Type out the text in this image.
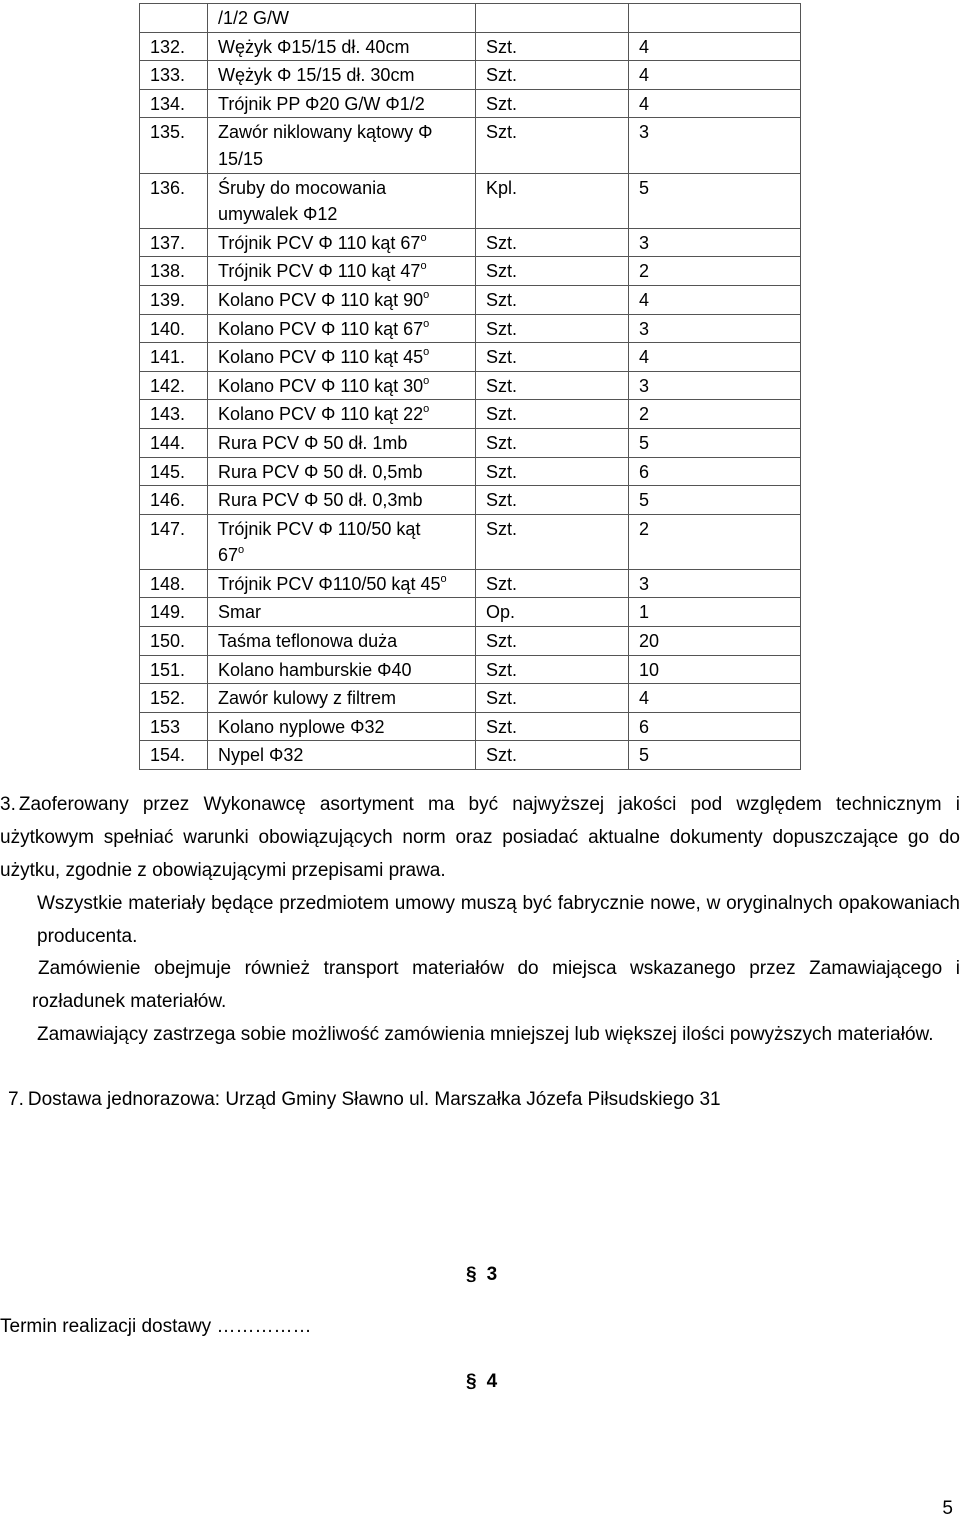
	/1/2 G/W		
132.	Wężyk Φ15/15 dł. 40cm	Szt.	4
133.	Wężyk Φ 15/15 dł. 30cm	Szt.	4
134.	Trójnik PP Φ20 G/W Φ1/2	Szt.	4
135.	Zawór niklowany kątowy Φ
15/15	Szt.	3
136.	Śruby do mocowania
umywalek Φ12	Kpl.	5
137.	Trójnik PCV Φ 110 kąt 67$^o$	Szt.	3
138.	Trójnik PCV Φ 110 kąt 47$^o$	Szt.	2
139.	Kolano PCV Φ 110 kąt 90$^o$	Szt.	4
140.	Kolano PCV Φ 110 kąt 67$^o$	Szt.	3
141.	Kolano PCV Φ 110 kąt 45$^o$	Szt.	4
142.	Kolano PCV Φ 110 kąt 30$^o$	Szt.	3
143.	Kolano PCV Φ 110 kąt 22$^o$	Szt.	2
144.	Rura PCV Φ 50 dł. 1mb	Szt.	5
145.	Rura PCV Φ 50 dł. 0,5mb	Szt.	6
146.	Rura PCV Φ 50 dł. 0,3mb	Szt.	5
147.	Trójnik PCV Φ 110/50 kąt
67$^o$	Szt.	2
148.	Trójnik PCV Φ110/50 kąt 45$^o$	Szt.	3
149.	Smar	Op.	1
150.	Taśma teflonowa duża	Szt.	20
151.	Kolano hamburskie Φ40	Szt.	10
152.	Zawór kulowy z filtrem	Szt.	4
153	Kolano nyplowe Φ32	Szt.	6
154.	Nypel Φ32	Szt.	5
3. Zaoferowany przez Wykonawcę asortyment ma być najwyższej jakości pod względem technicznym i użytkowym spełniać warunki obowiązujących norm oraz posiadać aktualne dokumenty dopuszczające go do użytku, zgodnie z obowiązującymi przepisami prawa.
Wszystkie materiały będące przedmiotem umowy muszą być fabrycznie nowe, w oryginalnych opakowaniach producenta.
Zamówienie obejmuje również transport materiałów do miejsca wskazanego przez Zamawiającego i rozładunek materiałów.
Zamawiający zastrzega sobie możliwość zamówienia mniejszej lub większej ilości powyższych materiałów.
7. Dostawa jednorazowa: Urząd Gminy Sławno ul. Marszałka Józefa Piłsudskiego 31
Termin realizacji dostawy ……………
§ 3
§ 4
5
